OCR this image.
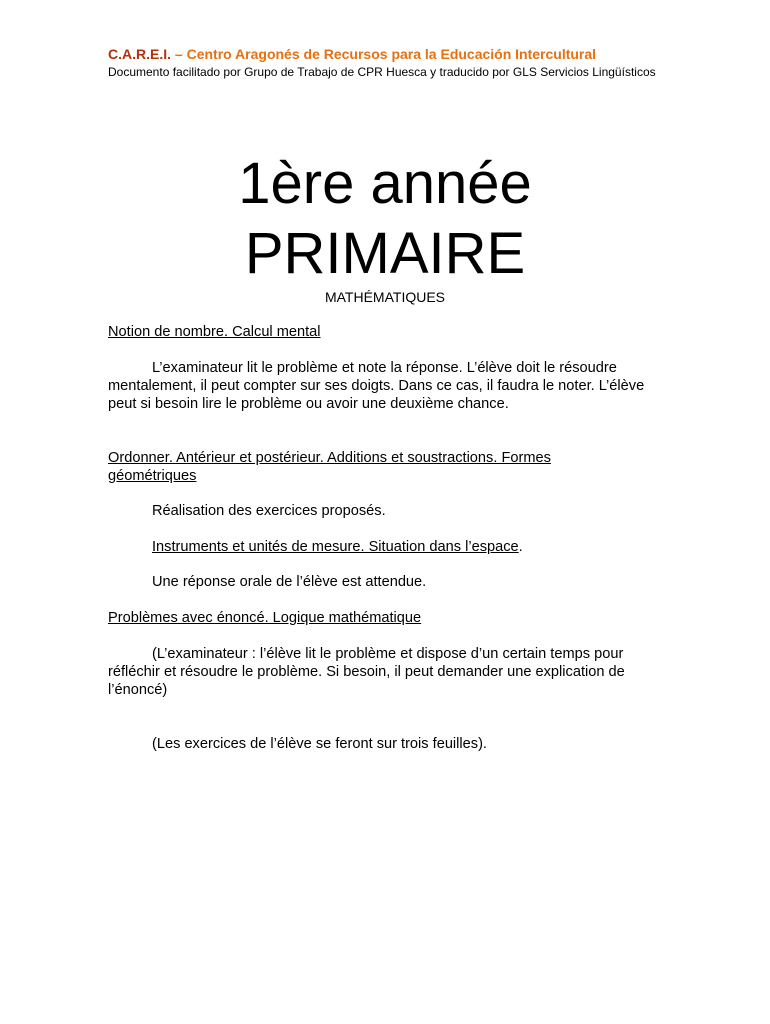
C.A.R.E.I. – Centro Aragonés de Recursos para la Educación Intercultural

Documento facilitado por Grupo de Trabajo de CPR Huesca y traducido por GLS Servicios Lingüísticos

1ère année
PRIMAIRE
MATHÉMATIQUES

Notion de nombre. Calcul mental

L’examinateur lit le problème et note la réponse. L’élève doit le résoudre mentalement, il peut compter sur ses doigts. Dans ce cas, il faudra le noter. L’élève peut si besoin lire le problème ou avoir une deuxième chance.

Ordonner. Antérieur et postérieur. Additions et soustractions. Formes géométriques

Réalisation des exercices proposés.

Instruments et unités de mesure. Situation dans l’espace.

Une réponse orale de l’élève est attendue.

Problèmes avec énoncé. Logique mathématique

(L’examinateur : l’élève lit le problème et dispose d’un certain temps pour réfléchir et résoudre le problème. Si besoin, il peut demander une explication de l’énoncé)

(Les exercices de l’élève se feront sur trois feuilles).
